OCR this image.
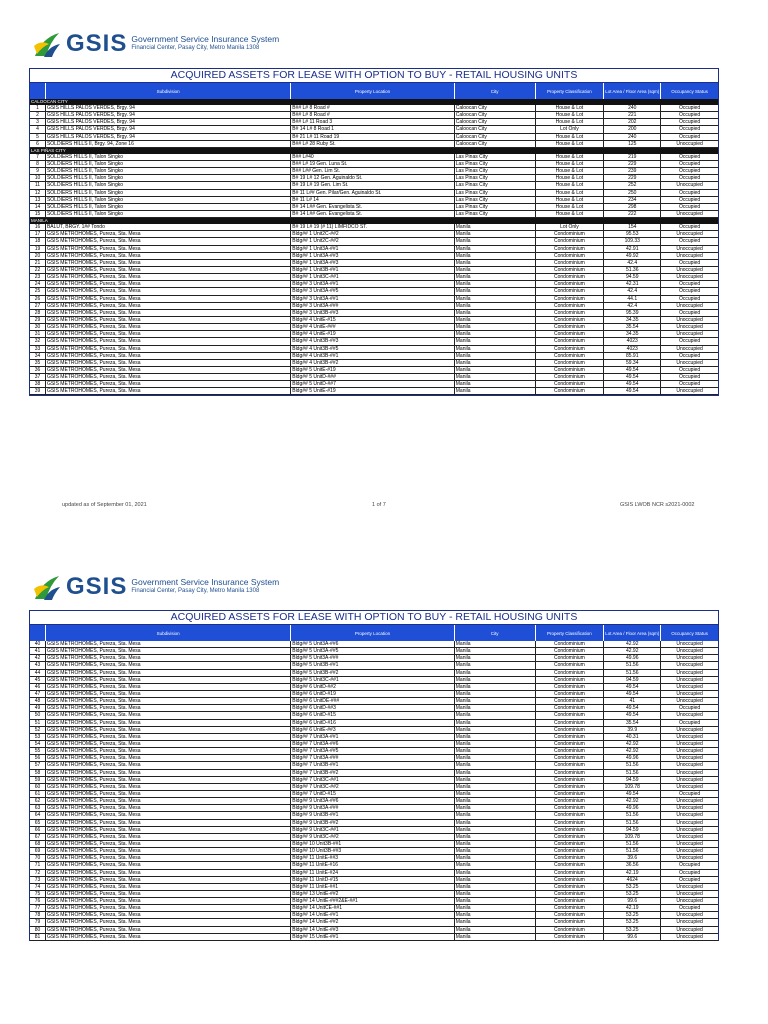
GSIS Government Service Insurance System
Financial Center, Pasay City, Metro Manila 1308
ACQUIRED ASSETS FOR LEASE WITH OPTION TO BUY - RETAIL HOUSING UNITS
Subdivision	Property Location	City	Property Classification	Lot Area / Floor Area (sqm)	Occupancy Status
CALOOCAN CITY
1	GSIS HILLS PALOS VERDES, Brgy. 94	B## L# 8 Road #	Caloocan City	House & Lot	240	Occupied
2	GSIS HILLS PALOS VERDES, Brgy. 94	B## L# 8 Road #	Caloocan City	House & Lot	221	Occupied
3	GSIS HILLS PALOS VERDES, Brgy. 94	B## L# 11 Road 3	Caloocan City	House & Lot	202	Occupied
4	GSIS HILLS PALOS VERDES, Brgy. 94	B# 14 L# 8 Road 1	Caloocan City	Lot Only	200	Occupied
5	GSIS HILLS PALOS VERDES, Brgy. 94	B# 21 L# 11 Road 19	Caloocan City	House & Lot	240	Occupied
6	SOLDIERS HILLS II, Brgy. 94, Zone 16	B## L# 28 Ruby St.	Caloocan City	House & Lot	125	Unoccupied
LAS PIÑAS CITY
7	SOLDIERS HILLS II, Talon Singko	B## L#40	Las Pinas City	House & Lot	219	Occupied
8	SOLDIERS HILLS II, Talon Singko	B## L# 19 Gen. Luna St.	Las Pinas City	House & Lot	229	Occupied
9	SOLDIERS HILLS II, Talon Singko	B## L## Gen. Lim St.	Las Pinas City	House & Lot	239	Occupied
10	SOLDIERS HILLS II, Talon Singko	B# 19 L# 12 Gen. Aguinaldo St.	Las Pinas City	House & Lot	229	Occupied
11	SOLDIERS HILLS II, Talon Singko	B# 19 L# 19 Gen. Lim St.	Las Pinas City	House & Lot	252	Unoccupied
12	SOLDIERS HILLS II, Talon Singko	B# 11 L## Gen. Pilar/Gen. Aguinaldo St.	Las Pinas City	House & Lot	250	Occupied
13	SOLDIERS HILLS II, Talon Singko	B# 11 L# 14	Las Pinas City	House & Lot	234	Occupied
14	SOLDIERS HILLS II, Talon Singko	B# 14 L## Gen. Evangelista St.	Las Pinas City	House & Lot	298	Occupied
15	SOLDIERS HILLS II, Talon Singko	B# 14 L## Gen. Evangelista St.	Las Pinas City	House & Lot	222	Unoccupied
MANILA
16	BALUT, BRGY. 1## Tondo	B# 19 L# 19 (# 11) LIMFIDCO ST.	Manila	Lot Only	154	Occupied
17	GSIS METROHOMES, Pureza, Sta. Mesa	Bldg## 1 Unit2C-##2	Manila	Condominium	95.53	Unoccupied
18	GSIS METROHOMES, Pureza, Sta. Mesa	Bldg## 1 Unit2C-##2	Manila	Condominium	109.33	Occupied
19	GSIS METROHOMES, Pureza, Sta. Mesa	Bldg## 1 Unit3A-##1	Manila	Condominium	42.91	Unoccupied
20	GSIS METROHOMES, Pureza, Sta. Mesa	Bldg## 1 Unit3A-##3	Manila	Condominium	49.92	Unoccupied
21	GSIS METROHOMES, Pureza, Sta. Mesa	Bldg## 1 Unit3A-##3	Manila	Condominium	42.4	Occupied
22	GSIS METROHOMES, Pureza, Sta. Mesa	Bldg## 1 Unit3B-##1	Manila	Condominium	51.36	Unoccupied
23	GSIS METROHOMES, Pureza, Sta. Mesa	Bldg## 1 Unit3C-##1	Manila	Condominium	94.59	Unoccupied
24	GSIS METROHOMES, Pureza, Sta. Mesa	Bldg## 3 Unit3A-##1	Manila	Condominium	42.31	Occupied
25	GSIS METROHOMES, Pureza, Sta. Mesa	Bldg## 3 Unit3A-##5	Manila	Condominium	42.4	Occupied
26	GSIS METROHOMES, Pureza, Sta. Mesa	Bldg## 3 Unit3A-##1	Manila	Condominium	44.1	Occupied
27	GSIS METROHOMES, Pureza, Sta. Mesa	Bldg## 3 Unit3A-###	Manila	Condominium	42.4	Unoccupied
28	GSIS METROHOMES, Pureza, Sta. Mesa	Bldg## 3 Unit3B-##3	Manila	Condominium	95.39	Occupied
29	GSIS METROHOMES, Pureza, Sta. Mesa	Bldg## 4 UnitE-#15	Manila	Condominium	34.35	Unoccupied
30	GSIS METROHOMES, Pureza, Sta. Mesa	Bldg## 4 UnitE-###	Manila	Condominium	35.54	Unoccupied
31	GSIS METROHOMES, Pureza, Sta. Mesa	Bldg## 4 UnitE-#19	Manila	Condominium	34.35	Unoccupied
32	GSIS METROHOMES, Pureza, Sta. Mesa	Bldg## 4 Unit3B-##3	Manila	Condominium	4023	Occupied
33	GSIS METROHOMES, Pureza, Sta. Mesa	Bldg## 4 Unit3B-##5	Manila	Condominium	4023	Unoccupied
34	GSIS METROHOMES, Pureza, Sta. Mesa	Bldg## 4 Unit3B-##1	Manila	Condominium	85.91	Occupied
35	GSIS METROHOMES, Pureza, Sta. Mesa	Bldg## 4 Unit3B-##2	Manila	Condominium	59.34	Unoccupied
36	GSIS METROHOMES, Pureza, Sta. Mesa	Bldg## 5 UnitE-#19	Manila	Condominium	49.54	Occupied
37	GSIS METROHOMES, Pureza, Sta. Mesa	Bldg## 5 UnitD-###	Manila	Condominium	49.54	Occupied
38	GSIS METROHOMES, Pureza, Sta. Mesa	Bldg## 5 UnitD-##7	Manila	Condominium	49.54	Occupied
39	GSIS METROHOMES, Pureza, Sta. Mesa	Bldg## 5 UnitE-#19	Manila	Condominium	49.54	Unoccupied
updated as of September 01, 2021	1 of 7	GSIS LWOB NCR s2021-0002
GSIS Government Service Insurance System
Financial Center, Pasay City, Metro Manila 1308
ACQUIRED ASSETS FOR LEASE WITH OPTION TO BUY - RETAIL HOUSING UNITS
Subdivision	Property Location	City	Property Classification	Lot Area / Floor Area (sqm)	Occupancy Status
40	GSIS METROHOMES, Pureza, Sta. Mesa	Bldg## 5 Unit3A-##6	Manila	Condominium	42.92	Unoccupied
41	GSIS METROHOMES, Pureza, Sta. Mesa	Bldg## 5 Unit3A-##5	Manila	Condominium	42.92	Unoccupied
42	GSIS METROHOMES, Pureza, Sta. Mesa	Bldg## 5 Unit3A-###	Manila	Condominium	49.96	Unoccupied
43	GSIS METROHOMES, Pureza, Sta. Mesa	Bldg## 5 Unit3B-##1	Manila	Condominium	51.56	Unoccupied
44	GSIS METROHOMES, Pureza, Sta. Mesa	Bldg## 5 Unit3B-##2	Manila	Condominium	51.56	Unoccupied
45	GSIS METROHOMES, Pureza, Sta. Mesa	Bldg## 5 Unit3C-##1	Manila	Condominium	94.59	Unoccupied
46	GSIS METROHOMES, Pureza, Sta. Mesa	Bldg## 6 UnitD-##2	Manila	Condominium	49.54	Unoccupied
47	GSIS METROHOMES, Pureza, Sta. Mesa	Bldg## 6 UnitD-#19	Manila	Condominium	49.54	Unoccupied
48	GSIS METROHOMES, Pureza, Sta. Mesa	Bldg## 6 UnitDE-###	Manila	Condominium	41	Unoccupied
49	GSIS METROHOMES, Pureza, Sta. Mesa	Bldg## 6 UnitD-##3	Manila	Condominium	49.54	Occupied
50	GSIS METROHOMES, Pureza, Sta. Mesa	Bldg## 6 UnitD-#15	Manila	Condominium	49.54	Unoccupied
51	GSIS METROHOMES, Pureza, Sta. Mesa	Bldg## 6 UnitD-#16	Manila	Condominium	35.54	Occupied
52	GSIS METROHOMES, Pureza, Sta. Mesa	Bldg## 6 UnitE-##3	Manila	Condominium	39.9	Unoccupied
53	GSIS METROHOMES, Pureza, Sta. Mesa	Bldg## 7 Unit3A-##1	Manila	Condominium	40.31	Unoccupied
54	GSIS METROHOMES, Pureza, Sta. Mesa	Bldg## 7 Unit3A-##6	Manila	Condominium	42.92	Unoccupied
55	GSIS METROHOMES, Pureza, Sta. Mesa	Bldg## 7 Unit3A-##5	Manila	Condominium	42.92	Unoccupied
56	GSIS METROHOMES, Pureza, Sta. Mesa	Bldg## 7 Unit3A-###	Manila	Condominium	49.96	Unoccupied
57	GSIS METROHOMES, Pureza, Sta. Mesa	Bldg## 7 Unit3B-##1	Manila	Condominium	51.56	Unoccupied
58	GSIS METROHOMES, Pureza, Sta. Mesa	Bldg## 7 Unit3B-##2	Manila	Condominium	51.56	Unoccupied
59	GSIS METROHOMES, Pureza, Sta. Mesa	Bldg## 7 Unit3C-##1	Manila	Condominium	94.59	Unoccupied
60	GSIS METROHOMES, Pureza, Sta. Mesa	Bldg## 7 Unit3C-##2	Manila	Condominium	109.78	Unoccupied
61	GSIS METROHOMES, Pureza, Sta. Mesa	Bldg## 7 UnitD-#15	Manila	Condominium	49.54	Occupied
62	GSIS METROHOMES, Pureza, Sta. Mesa	Bldg## 9 Unit3A-##6	Manila	Condominium	42.92	Unoccupied
63	GSIS METROHOMES, Pureza, Sta. Mesa	Bldg## 9 Unit3A-###	Manila	Condominium	49.96	Unoccupied
64	GSIS METROHOMES, Pureza, Sta. Mesa	Bldg## 9 Unit3B-##1	Manila	Condominium	51.56	Unoccupied
65	GSIS METROHOMES, Pureza, Sta. Mesa	Bldg## 9 Unit3B-##2	Manila	Condominium	51.56	Unoccupied
66	GSIS METROHOMES, Pureza, Sta. Mesa	Bldg## 9 Unit3C-##1	Manila	Condominium	94.59	Unoccupied
67	GSIS METROHOMES, Pureza, Sta. Mesa	Bldg## 9 Unit3C-##2	Manila	Condominium	109.78	Unoccupied
68	GSIS METROHOMES, Pureza, Sta. Mesa	Bldg## 10 Unit3B-##1	Manila	Condominium	51.56	Unoccupied
69	GSIS METROHOMES, Pureza, Sta. Mesa	Bldg## 10 Unit3B-##3	Manila	Condominium	51.56	Unoccupied
70	GSIS METROHOMES, Pureza, Sta. Mesa	Bldg## 11 UnitE-##3	Manila	Condominium	39.6	Unoccupied
71	GSIS METROHOMES, Pureza, Sta. Mesa	Bldg## 11 UnitE-#16	Manila	Condominium	36.56	Occupied
72	GSIS METROHOMES, Pureza, Sta. Mesa	Bldg## 11 UnitE-#24	Manila	Condominium	42.19	Occupied
73	GSIS METROHOMES, Pureza, Sta. Mesa	Bldg## 11 UnitD-#15	Manila	Condominium	4624	Occupied
74	GSIS METROHOMES, Pureza, Sta. Mesa	Bldg## 11 UnitE-##1	Manila	Condominium	53.25	Unoccupied
75	GSIS METROHOMES, Pureza, Sta. Mesa	Bldg## 13 UnitE-##2	Manila	Condominium	53.25	Unoccupied
76	GSIS METROHOMES, Pureza, Sta. Mesa	Bldg## 14 UnitE-###2&E-##1	Manila	Condominium	99.6	Unoccupied
77	GSIS METROHOMES, Pureza, Sta. Mesa	Bldg## 14 UnitCE-##1	Manila	Condominium	42.19	Occupied
78	GSIS METROHOMES, Pureza, Sta. Mesa	Bldg## 14 UnitE-##1	Manila	Condominium	53.25	Unoccupied
79	GSIS METROHOMES, Pureza, Sta. Mesa	Bldg## 14 UnitE-##2	Manila	Condominium	53.25	Unoccupied
80	GSIS METROHOMES, Pureza, Sta. Mesa	Bldg## 14 UnitE-##3	Manila	Condominium	53.25	Unoccupied
81	GSIS METROHOMES, Pureza, Sta. Mesa	Bldg## 15 UnitE-##1	Manila	Condominium	99.6	Unoccupied
